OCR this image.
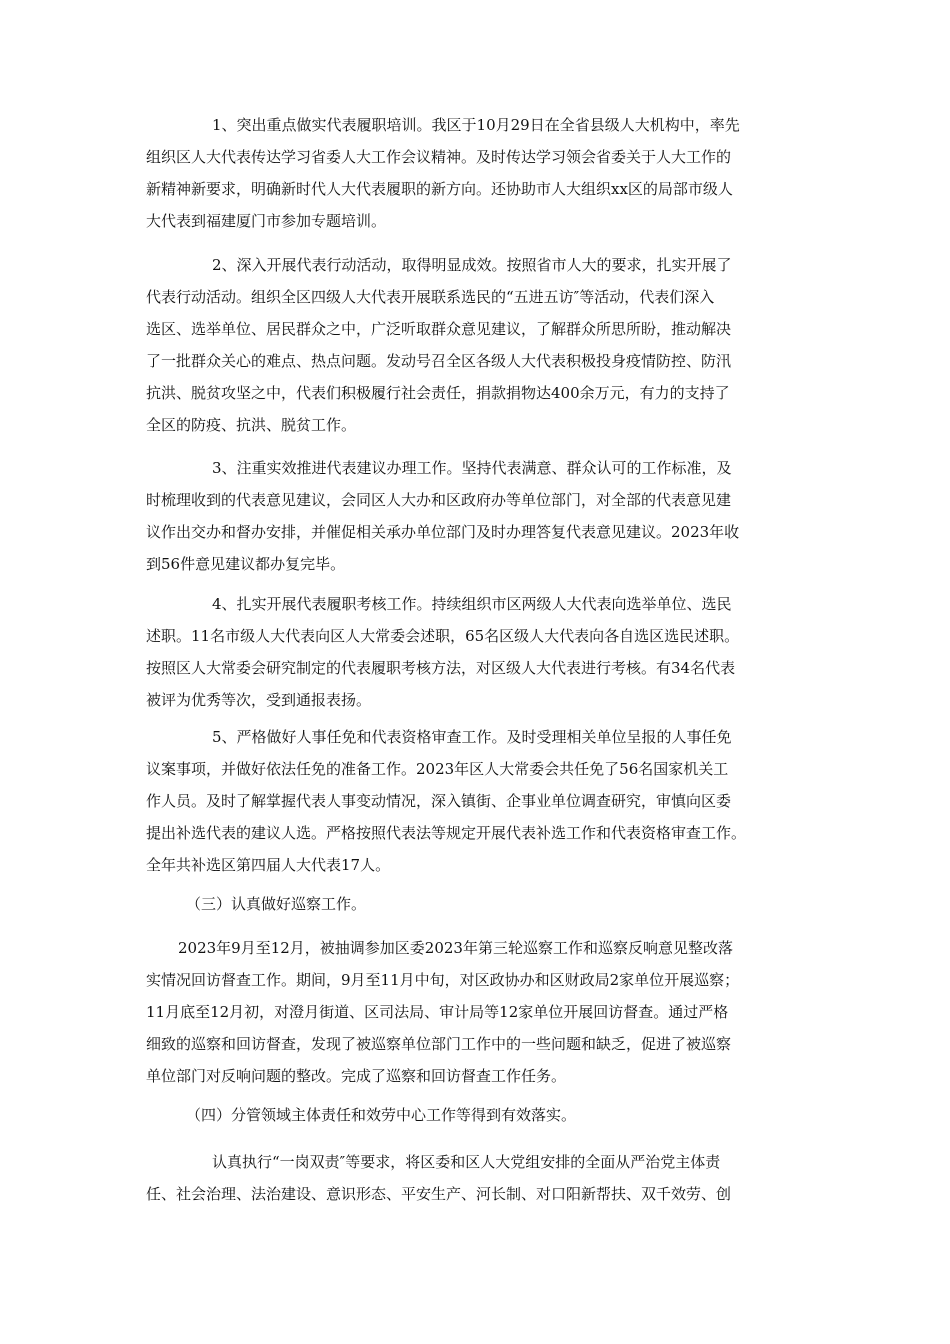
1、突出重点做实代表履职培训。我区于10月29日在全省县级人大机构中，率先
组织区人大代表传达学习省委人大工作会议精神。及时传达学习领会省委关于人大工作的
新精神新要求，明确新时代人大代表履职的新方向。还协助市人大组织xx区的局部市级人
大代表到福建厦门市参加专题培训。
2、深入开展代表行动活动，取得明显成效。按照省市人大的要求，扎实开展了
代表行动活动。组织全区四级人大代表开展联系选民的“五进五访″等活动，代表们深入
选区、选举单位、居民群众之中，广泛听取群众意见建议，了解群众所思所盼，推动解决
了一批群众关心的难点、热点问题。发动号召全区各级人大代表积极投身疫情防控、防汛
抗洪、脱贫攻坚之中，代表们积极履行社会责任，捐款捐物达400余万元，有力的支持了
全区的防疫、抗洪、脱贫工作。
3、注重实效推进代表建议办理工作。坚持代表满意、群众认可的工作标准，及
时梳理收到的代表意见建议，会同区人大办和区政府办等单位部门，对全部的代表意见建
议作出交办和督办安排，并催促相关承办单位部门及时办理答复代表意见建议。2023年收
到56件意见建议都办复完毕。
4、扎实开展代表履职考核工作。持续组织市区两级人大代表向选举单位、选民
述职。11名市级人大代表向区人大常委会述职，65名区级人大代表向各自选区选民述职。
按照区人大常委会研究制定的代表履职考核方法，对区级人大代表进行考核。有34名代表
被评为优秀等次，受到通报表扬。
5、严格做好人事任免和代表资格审查工作。及时受理相关单位呈报的人事任免
议案事项，并做好依法任免的准备工作。2023年区人大常委会共任免了56名国家机关工
作人员。及时了解掌握代表人事变动情况，深入镇街、企事业单位调查研究，审慎向区委
提出补选代表的建议人选。严格按照代表法等规定开展代表补选工作和代表资格审查工作。
全年共补选区第四届人大代表17人。
（三）认真做好巡察工作。
2023年9月至12月，被抽调参加区委2023年第三轮巡察工作和巡察反响意见整改落
实情况回访督查工作。期间，9月至11月中旬，对区政协办和区财政局2家单位开展巡察；
11月底至12月初，对澄月街道、区司法局、审计局等12家单位开展回访督查。通过严格
细致的巡察和回访督查，发现了被巡察单位部门工作中的一些问题和缺乏，促进了被巡察
单位部门对反响问题的整改。完成了巡察和回访督查工作任务。
（四）分管领域主体责任和效劳中心工作等得到有效落实。
认真执行“一岗双责″等要求，将区委和区人大党组安排的全面从严治党主体责
任、社会治理、法治建设、意识形态、平安生产、河长制、对口阳新帮扶、双千效劳、创
